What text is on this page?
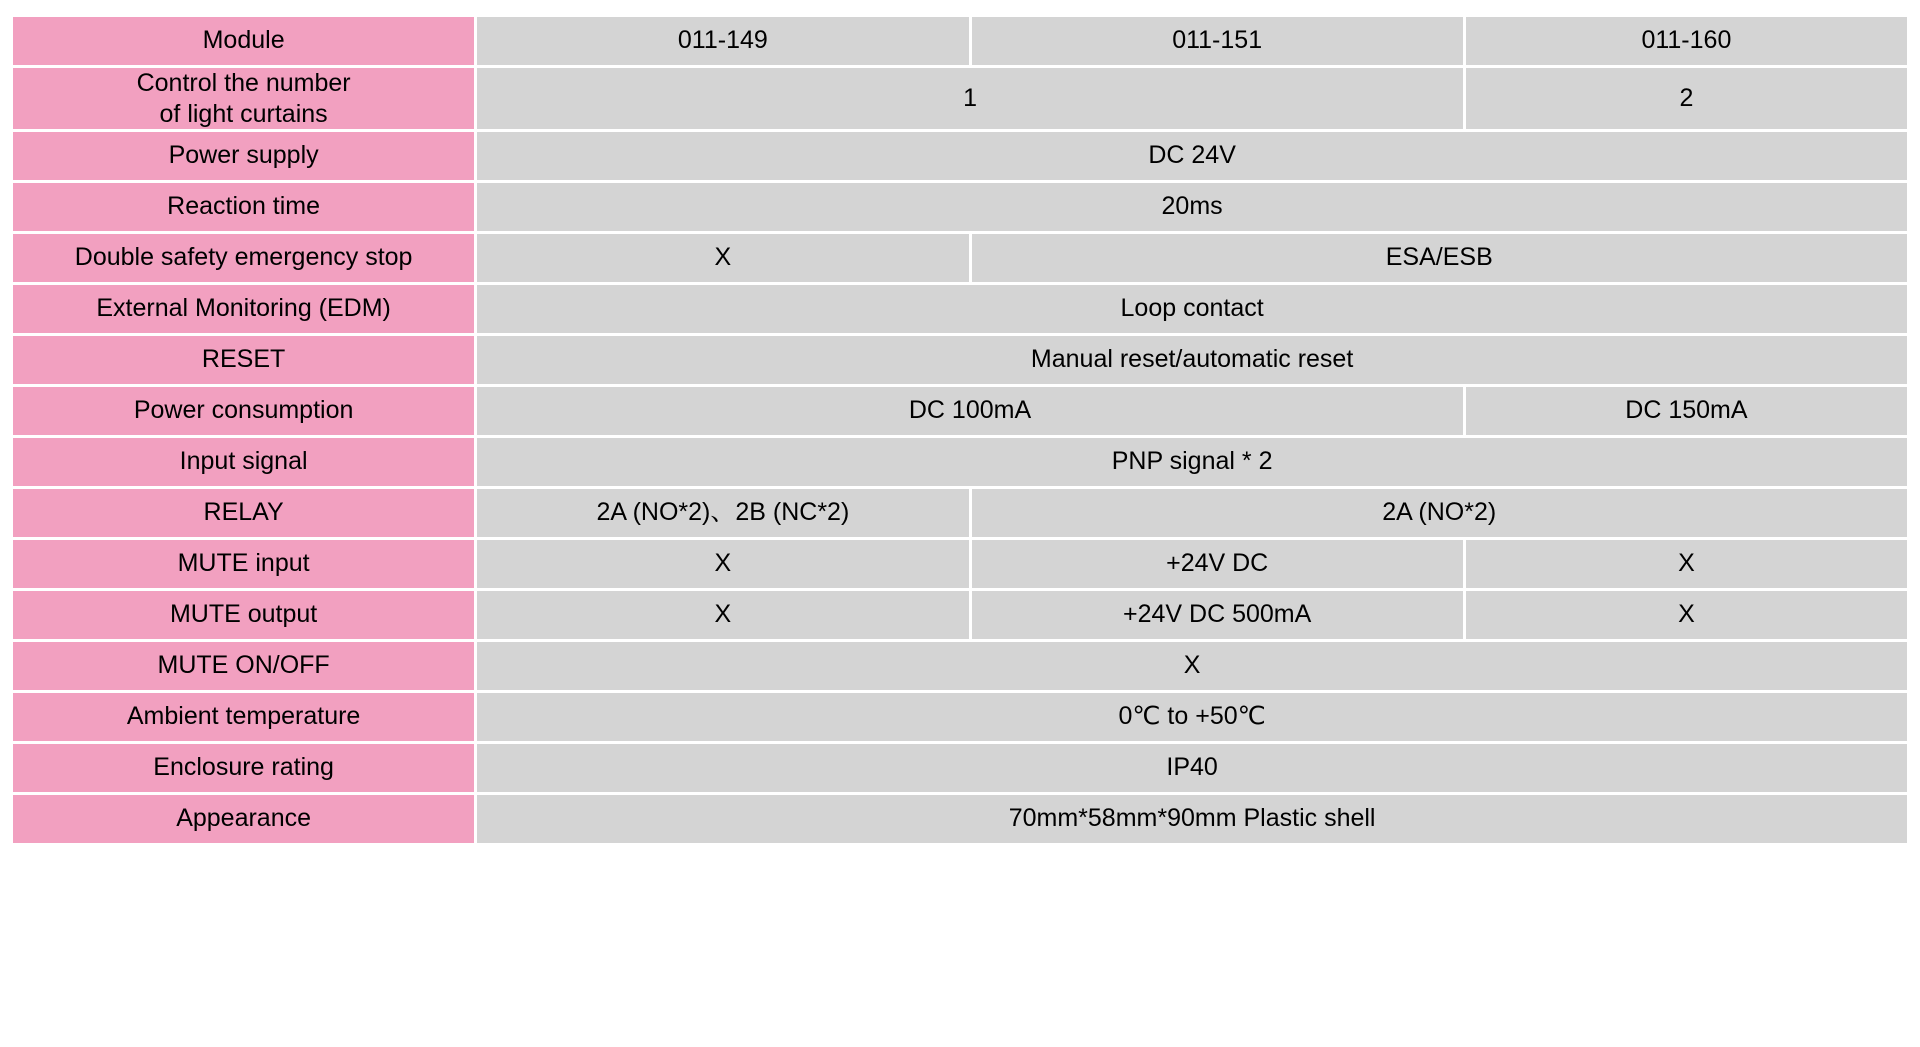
Module	011-149	011-151	011-160

Control the number
of light curtains	1		2
Power supply	DC 24V		
Reaction time	20ms		
Double safety emergency stop	X	ESA/ESB	
External Monitoring (EDM)	Loop contact		
RESET	Manual reset/automatic reset		
Power consumption	DC 100mA		DC 150mA
Input signal	PNP signal * 2		
RELAY	2A (NO*2)、2B (NC*2)	2A (NO*2)	
MUTE input	X	+24V DC	X
MUTE output	X	+24V DC 500mA	X
MUTE ON/OFF	X		
Ambient temperature	0℃ to +50℃		
Enclosure rating	IP40		
Appearance	70mm*58mm*90mm Plastic shell		
